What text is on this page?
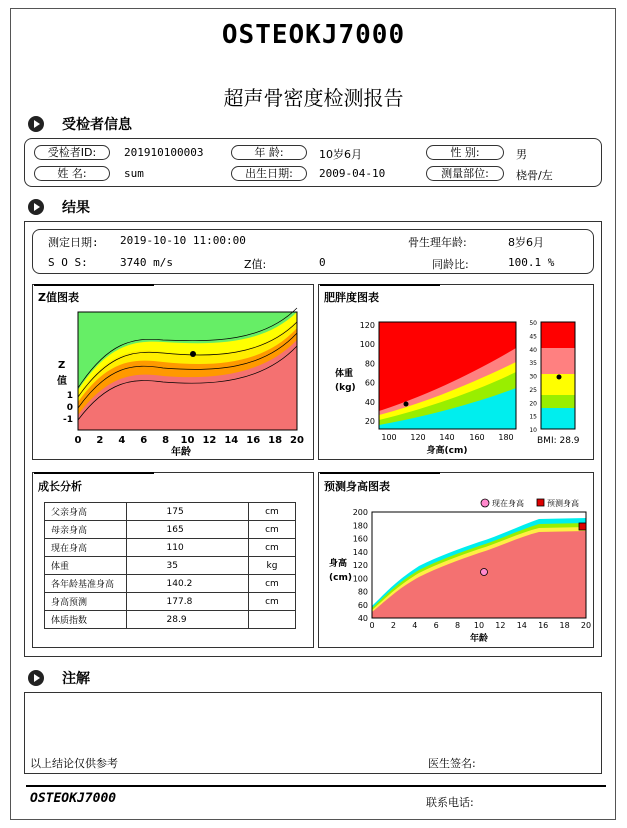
OSTEOKJ7000
超声骨密度检测报告
受检者信息
受检者ID:	201910100003	年 龄:	10岁6月	性 别:	男
姓 名:	sum	出生日期:	2009-04-10	测量部位:	桡骨/左
结果
测定日期: 2019-10-10 11:00:00	骨生理年龄:	8岁6月
S O S:	3740 m/s	Z值:	0	同龄比:	100.1 %
Z值图表
Z
值
1
0
-1
0 2 4 6 8 10 12 14 16 18 20
年龄
肥胖度图表
体重
(kg)
120
100
80
60
40
20
100 120 140 160 180
身高(cm)
50
45
40
35
30
25
20
15
10
BMI: 28.9
成长分析
父亲身高	175	cm
母亲身高	165	cm
现在身高	110	cm
体重	35	kg
各年龄基准身高	140.2	cm
身高预测	177.8	cm
体质指数	28.9	
预测身高图表
现在身高	预测身高
身高
(cm)
200
180
160
140
120
100
80
60
40
0 2 4 6 8 10 12 14 16 18 20
年龄
注解
以上结论仅供参考	医生签名:
OSTEOKJ7000	联系电话:
